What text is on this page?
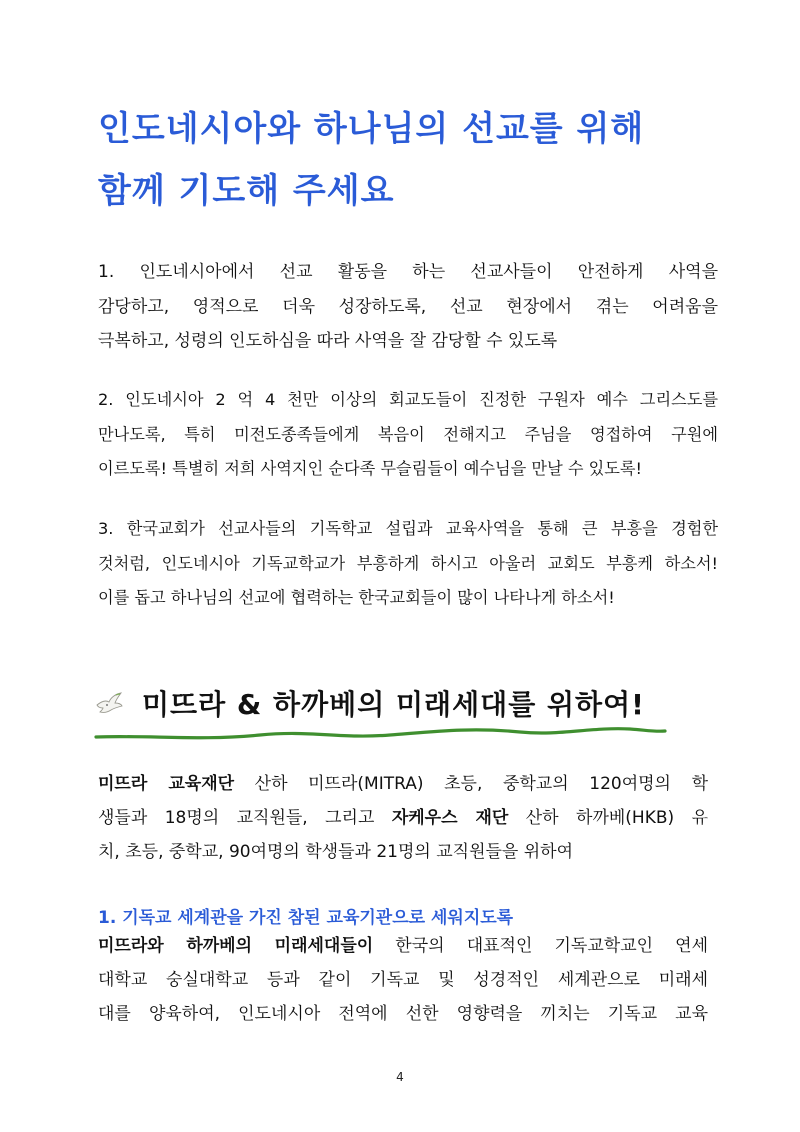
인도네시아와 하나님의 선교를 위해
함께 기도해 주세요
1. 인도네시아에서 선교 활동을 하는 선교사들이 안전하게 사역을
감당하고, 영적으로 더욱 성장하도록, 선교 현장에서 겪는 어려움을
극복하고, 성령의 인도하심을 따라 사역을 잘 감당할 수 있도록
2. 인도네시아 2 억 4 천만 이상의 회교도들이 진정한 구원자 예수 그리스도를
만나도록, 특히 미전도종족들에게 복음이 전해지고 주님을 영접하여 구원에
이르도록! 특별히 저희 사역지인 순다족 무슬림들이 예수님을 만날 수 있도록!
3. 한국교회가 선교사들의 기독학교 설립과 교육사역을 통해 큰 부흥을 경험한
것처럼, 인도네시아 기독교학교가 부흥하게 하시고 아울러 교회도 부흥케 하소서!
이를 돕고 하나님의 선교에 협력하는 한국교회들이 많이 나타나게 하소서!
미뜨라 & 하까베의 미래세대를 위하여!
미뜨라 교육재단 산하 미뜨라(MITRA) 초등, 중학교의 120여명의 학
생들과 18명의 교직원들, 그리고 자케우스 재단 산하 하까베(HKB) 유
치, 초등, 중학교, 90여명의 학생들과 21명의 교직원들을 위하여
1. 기독교 세계관을 가진 참된 교육기관으로 세워지도록
미뜨라와 하까베의 미래세대들이 한국의 대표적인 기독교학교인 연세
대학교 숭실대학교 등과 같이 기독교 및 성경적인 세계관으로 미래세
대를 양육하여, 인도네시아 전역에 선한 영향력을 끼치는 기독교 교육
4
